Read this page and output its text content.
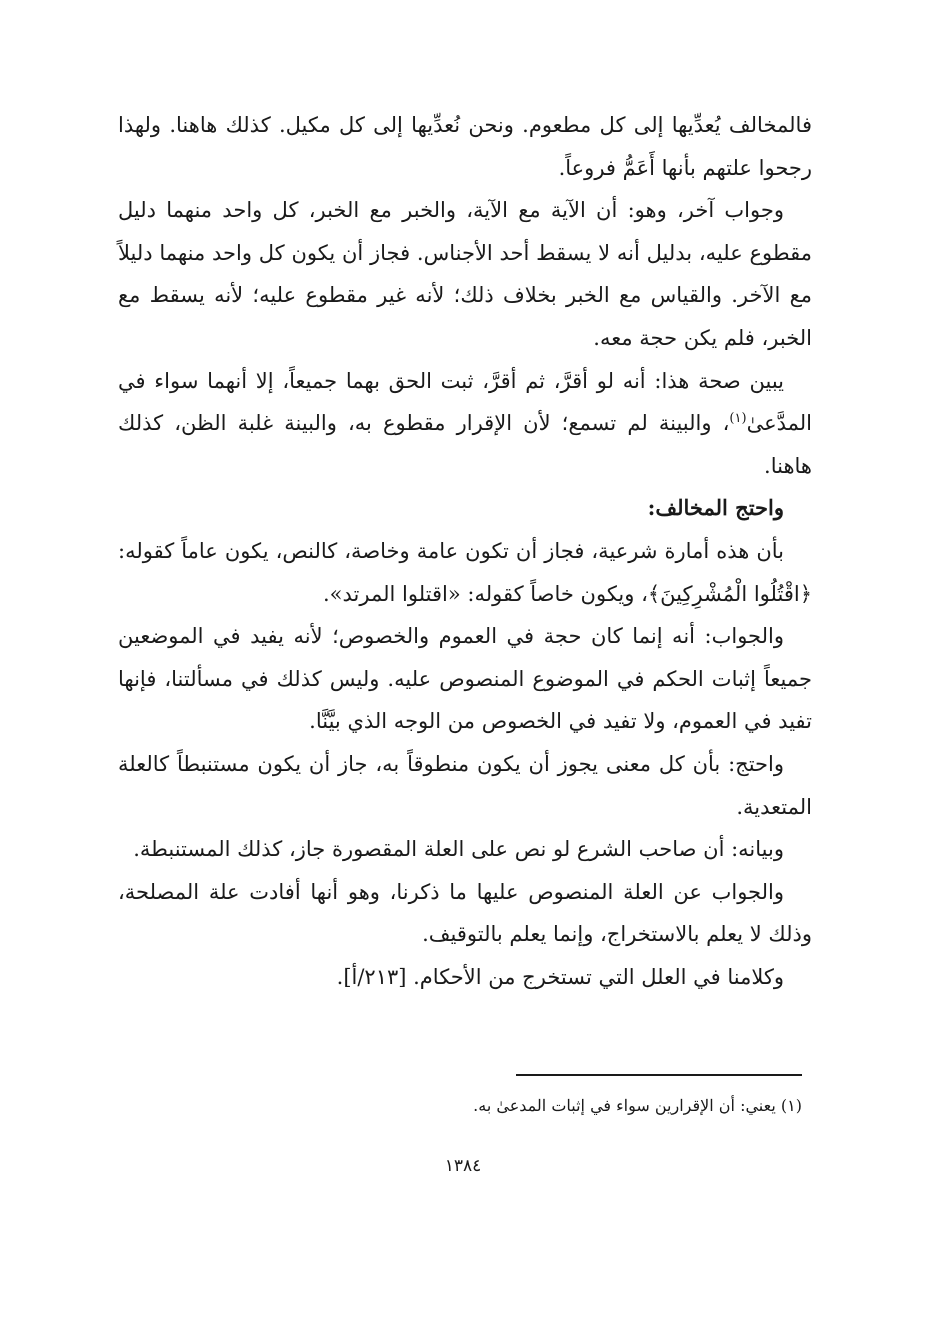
فالمخالف يُعدِّيها إلى كل مطعوم. ونحن نُعدِّيها إلى كل مكيل. كذلك هاهنا. ولهذا رجحوا علتهم بأنها أَعَمُّ فروعاً.

وجواب آخر، وهو: أن الآية مع الآية، والخبر مع الخبر، كل واحد منهما دليل مقطوع عليه، بدليل أنه لا يسقط أحد الأجناس. فجاز أن يكون كل واحد منهما دليلاً مع الآخر. والقياس مع الخبر بخلاف ذلك؛ لأنه غير مقطوع عليه؛ لأنه يسقط مع الخبر، فلم يكن حجة معه.

يبين صحة هذا: أنه لو أقرَّ، ثم أقرَّ، ثبت الحق بهما جميعاً، إلا أنهما سواء في المدَّعىٰ$^{(١)}$، والبينة لم تسمع؛ لأن الإقرار مقطوع به، والبينة غلبة الظن، كذلك هاهنا.

واحتج المخالف:

بأن هذه أمارة شرعية، فجاز أن تكون عامة وخاصة، كالنص، يكون عاماً كقوله: ﴿اقْتُلُوا الْمُشْرِكِينَ﴾، ويكون خاصاً كقوله: «اقتلوا المرتد».

والجواب: أنه إنما كان حجة في العموم والخصوص؛ لأنه يفيد في الموضعين جميعاً إثبات الحكم في الموضوع المنصوص عليه. وليس كذلك في مسألتنا، فإنها تفيد في العموم، ولا تفيد في الخصوص من الوجه الذي بيَّنَّا.

واحتج: بأن كل معنى يجوز أن يكون منطوقاً به، جاز أن يكون مستنبطاً كالعلة المتعدية.

وبيانه: أن صاحب الشرع لو نص على العلة المقصورة جاز، كذلك المستنبطة.

والجواب عن العلة المنصوص عليها ما ذكرنا، وهو أنها أفادت علة المصلحة، وذلك لا يعلم بالاستخراج، وإنما يعلم بالتوقيف.

وكلامنا في العلل التي تستخرج من الأحكام. [٢١٣/أ].

(١) يعني: أن الإقرارين سواء في إثبات المدعىٰ به.
١٣٨٤
